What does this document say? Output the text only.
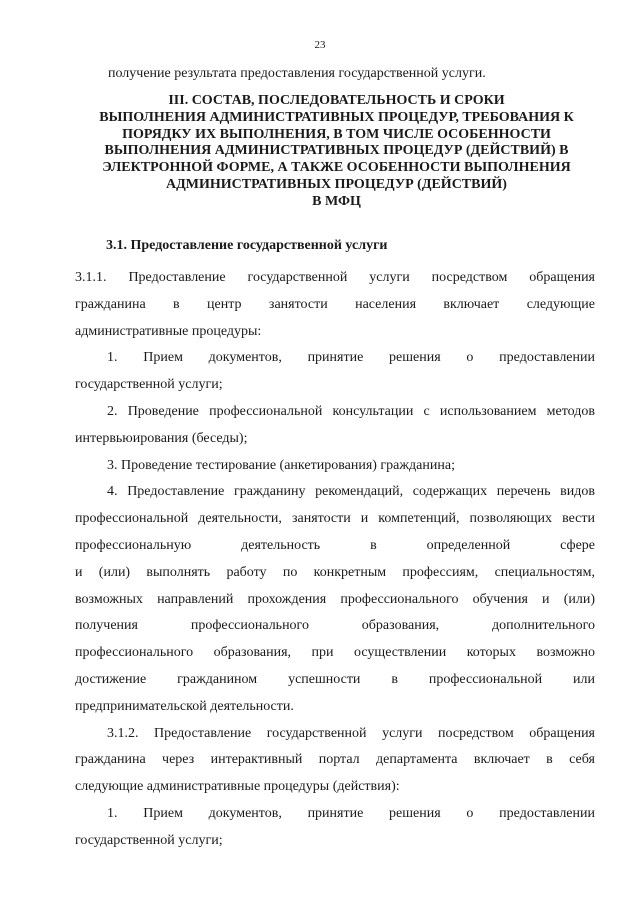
23
получение результата предоставления государственной услуги.
III. СОСТАВ, ПОСЛЕДОВАТЕЛЬНОСТЬ И СРОКИ
ВЫПОЛНЕНИЯ АДМИНИСТРАТИВНЫХ ПРОЦЕДУР, ТРЕБОВАНИЯ К
ПОРЯДКУ ИХ ВЫПОЛНЕНИЯ, В ТОМ ЧИСЛЕ ОСОБЕННОСТИ
ВЫПОЛНЕНИЯ АДМИНИСТРАТИВНЫХ ПРОЦЕДУР (ДЕЙСТВИЙ) В
ЭЛЕКТРОННОЙ ФОРМЕ, А ТАКЖЕ ОСОБЕННОСТИ ВЫПОЛНЕНИЯ
АДМИНИСТРАТИВНЫХ ПРОЦЕДУР (ДЕЙСТВИЙ)
В МФЦ
3.1. Предоставление государственной услуги
3.1.1. Предоставление государственной услуги посредством обращения
гражданина в центр занятости населения включает следующие
административные процедуры:
1. Прием документов, принятие решения о предоставлении
государственной услуги;
2. Проведение профессиональной консультации с использованием методов
интервьюирования (беседы);
3. Проведение тестирование (анкетирования) гражданина;
4. Предоставление гражданину рекомендаций, содержащих перечень видов
профессиональной деятельности, занятости и компетенций, позволяющих вести
профессиональную деятельность в определенной сфере
и (или) выполнять работу по конкретным профессиям, специальностям,
возможных направлений прохождения профессионального обучения и (или)
получения профессионального образования, дополнительного
профессионального образования, при осуществлении которых возможно
достижение гражданином успешности в профессиональной или
предпринимательской деятельности.
3.1.2. Предоставление государственной услуги посредством обращения
гражданина через интерактивный портал департамента включает в себя
следующие административные процедуры (действия):
1. Прием документов, принятие решения о предоставлении
государственной услуги;
